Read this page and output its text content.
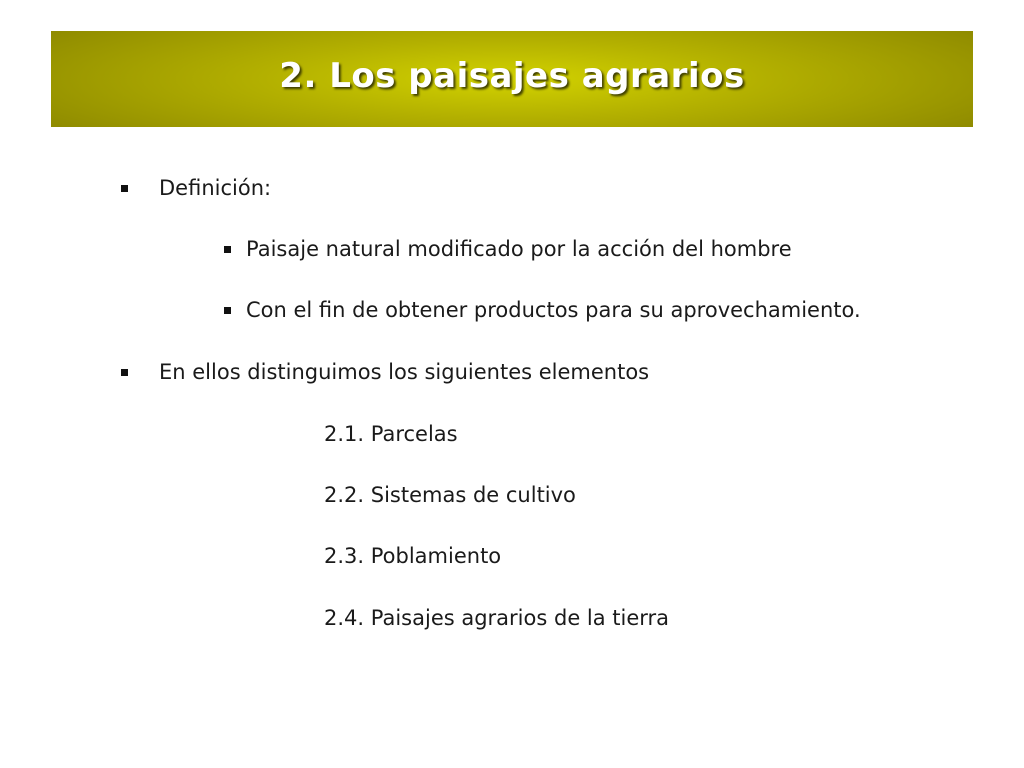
2. Los paisajes agrarios
Definición:
Paisaje natural modificado por la acción del hombre
Con el fin de obtener productos para su aprovechamiento.
En ellos distinguimos los siguientes elementos
2.1. Parcelas
2.2. Sistemas de cultivo
2.3. Poblamiento
2.4. Paisajes agrarios de la tierra
